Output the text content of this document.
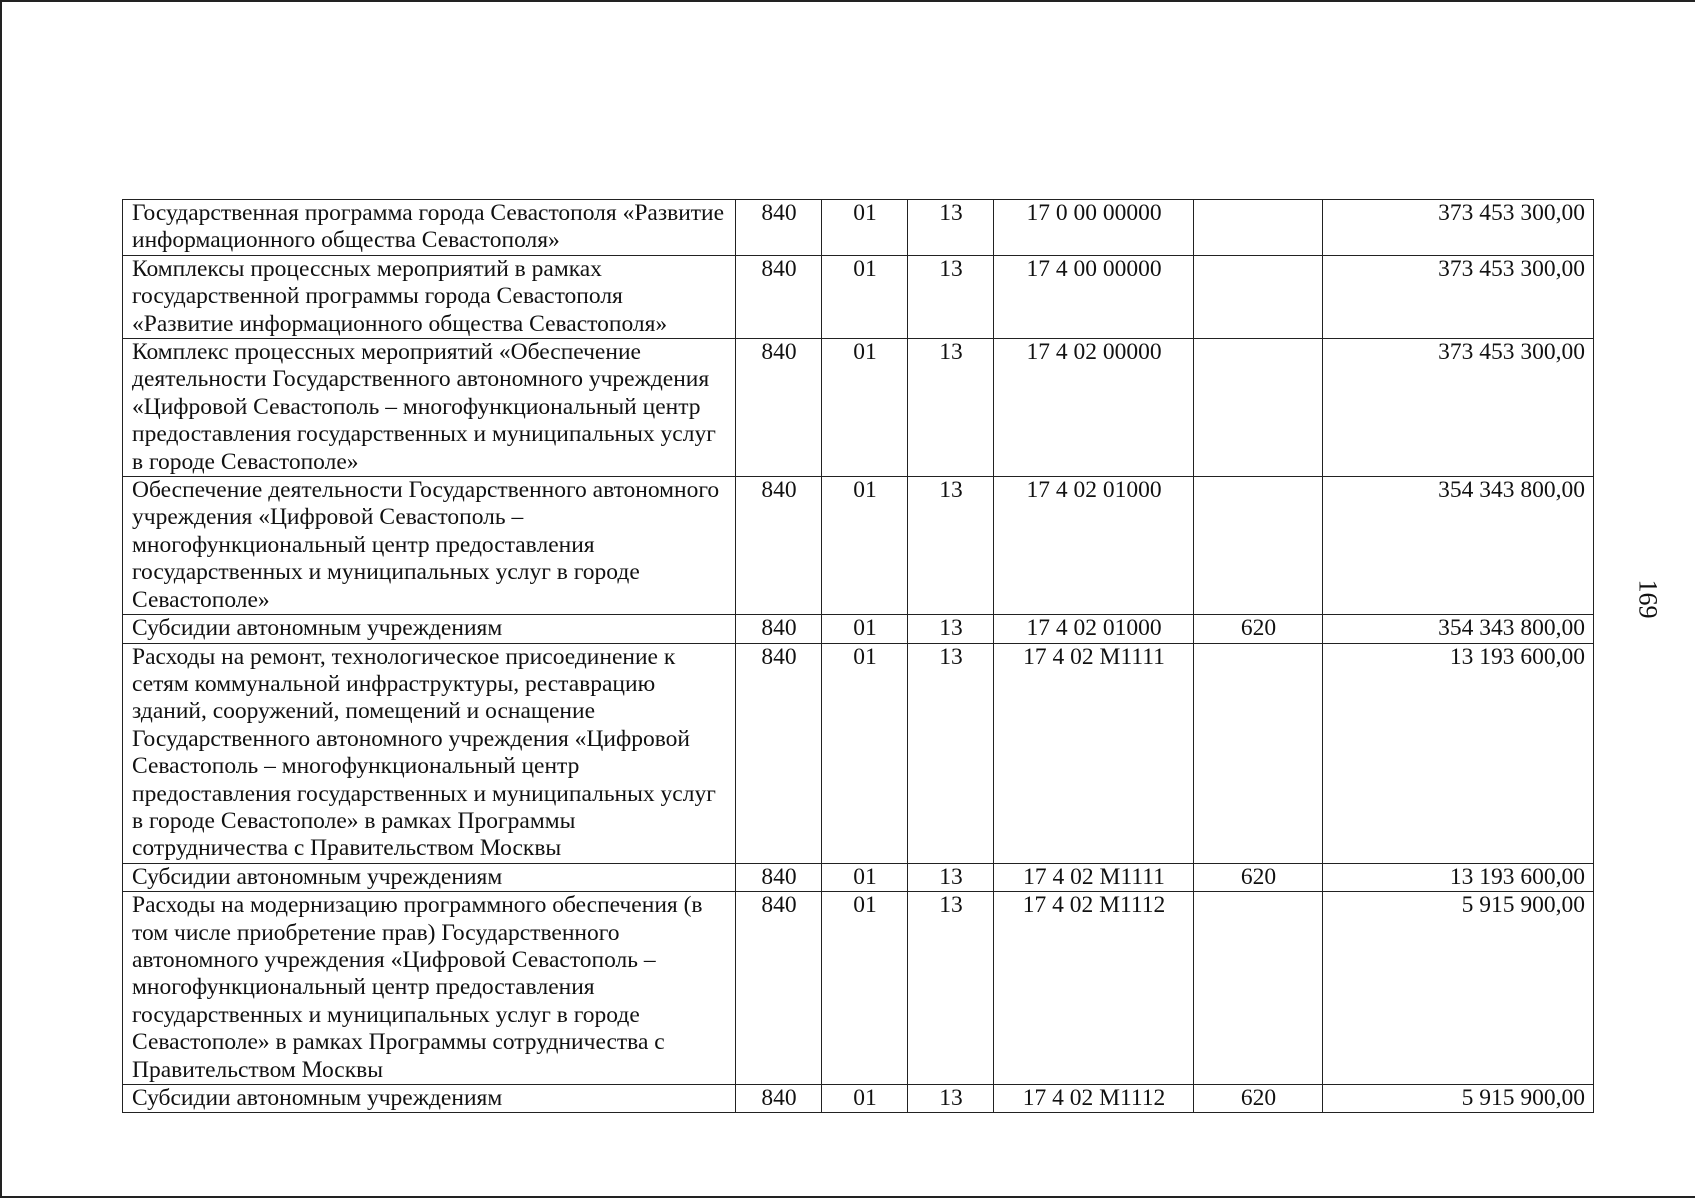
Государственная программа города Севастополя «Развитие информационного общества Севастополя»	840	01	13	17 0 00 00000		373 453 300,00
Комплексы процессных мероприятий в рамках государственной программы города Севастополя «Развитие информационного общества Севастополя»	840	01	13	17 4 00 00000		373 453 300,00
Комплекс процессных мероприятий «Обеспечение деятельности Государственного автономного учреждения «Цифровой Севастополь – многофункциональный центр предоставления государственных и муниципальных услуг в городе Севастополе»	840	01	13	17 4 02 00000		373 453 300,00
Обеспечение деятельности Государственного автономного учреждения «Цифровой Севастополь – многофункциональный центр предоставления государственных и муниципальных услуг в городе Севастополе»	840	01	13	17 4 02 01000		354 343 800,00
Субсидии автономным учреждениям	840	01	13	17 4 02 01000	620	354 343 800,00
Расходы на ремонт, технологическое присоединение к сетям коммунальной инфраструктуры, реставрацию зданий, сооружений, помещений и оснащение Государственного автономного учреждения «Цифровой Севастополь – многофункциональный центр предоставления государственных и муниципальных услуг в городе Севастополе» в рамках Программы сотрудничества с Правительством Москвы	840	01	13	17 4 02 М1111		13 193 600,00
Субсидии автономным учреждениям	840	01	13	17 4 02 М1111	620	13 193 600,00
Расходы на модернизацию программного обеспечения (в том числе приобретение прав) Государственного автономного учреждения «Цифровой Севастополь – многофункциональный центр предоставления государственных и муниципальных услуг в городе Севастополе» в рамках Программы сотрудничества с Правительством Москвы	840	01	13	17 4 02 М1112		5 915 900,00
Субсидии автономным учреждениям	840	01	13	17 4 02 М1112	620	5 915 900,00
169
